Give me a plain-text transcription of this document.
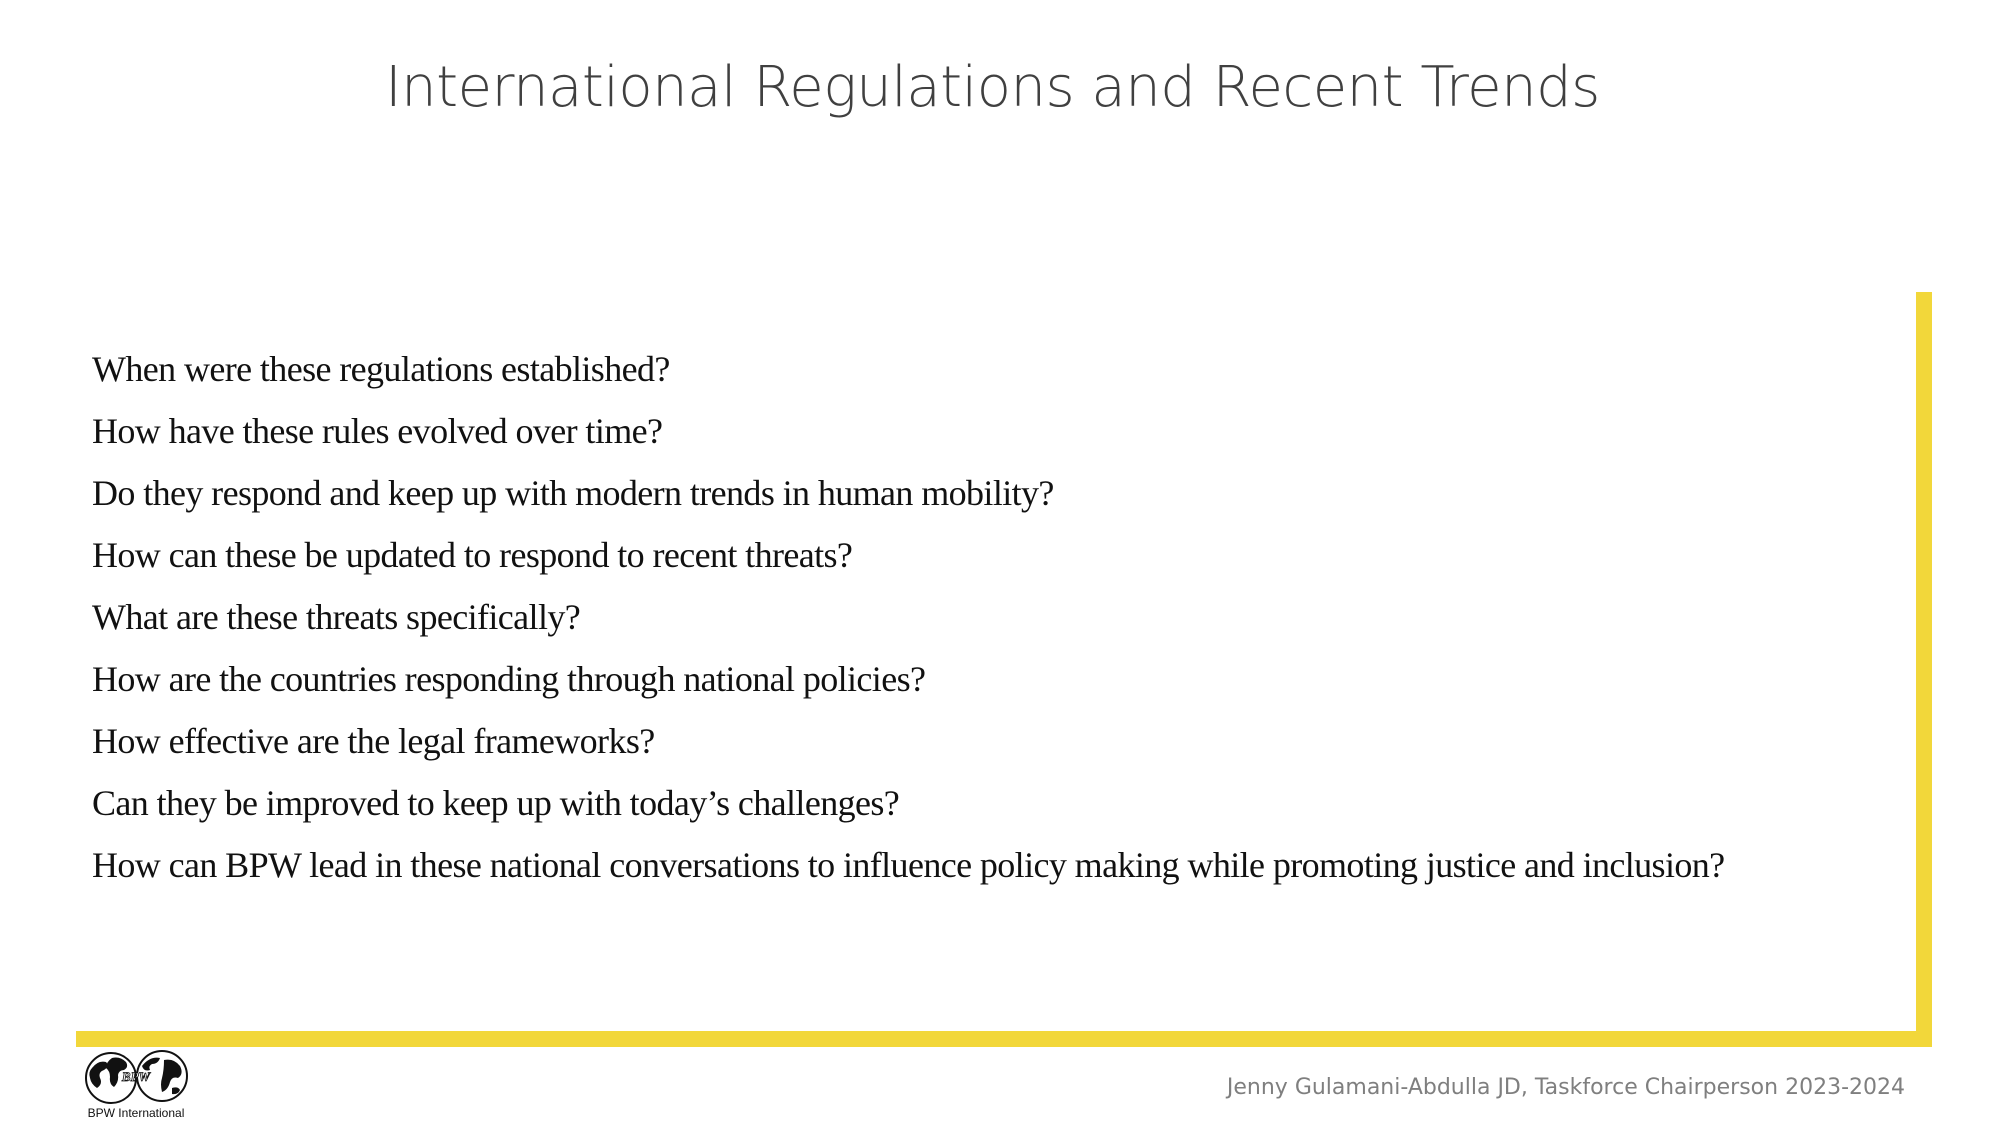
International Regulations and Recent Trends
When were these regulations established?
How have these rules evolved over time?
Do they respond and keep up with modern trends in human mobility?
How can these be updated to respond to recent threats?
What are these threats specifically?
How are the countries responding through national policies?
How effective are the legal frameworks?
Can they be improved to keep up with today’s challenges?
How can BPW lead in these national conversations to influence policy making while promoting justice and inclusion?
BPW
BPW International
Jenny Gulamani-Abdulla JD, Taskforce Chairperson 2023-2024
